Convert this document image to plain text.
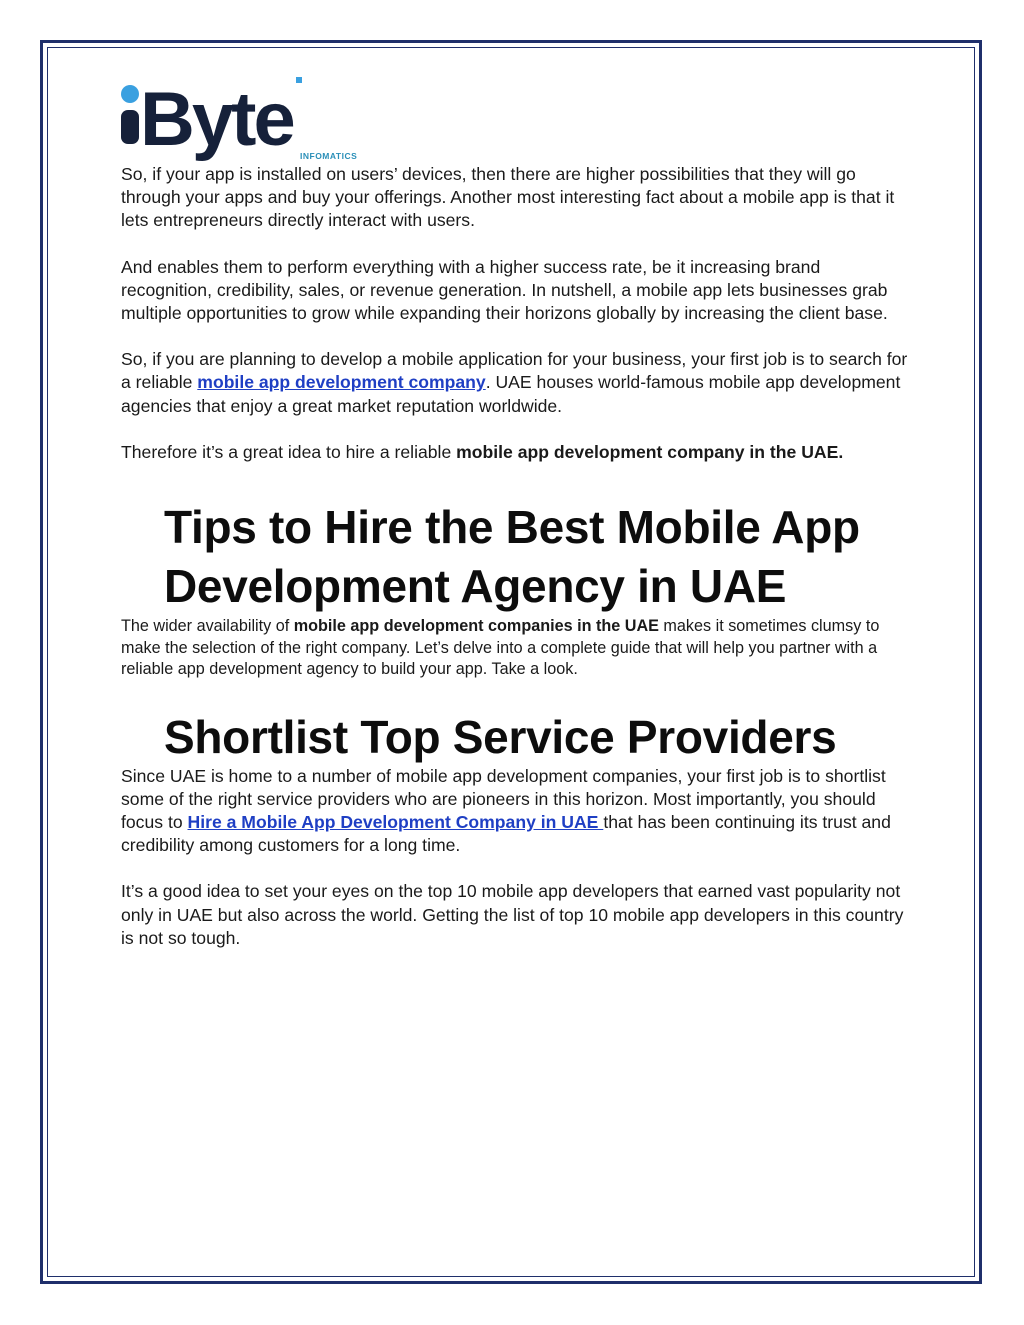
Byte INFOMATICS

So, if your app is installed on users’ devices, then there are higher possibilities that they will go through your apps and buy your offerings. Another most interesting fact about a mobile app is that it lets entrepreneurs directly interact with users.

And enables them to perform everything with a higher success rate, be it increasing brand recognition, credibility, sales, or revenue generation. In nutshell, a mobile app lets businesses grab multiple opportunities to grow while expanding their horizons globally by increasing the client base.

So, if you are planning to develop a mobile application for your business, your first job is to search for a reliable mobile app development company. UAE houses world-famous mobile app development agencies that enjoy a great market reputation worldwide.

Therefore it’s a great idea to hire a reliable mobile app development company in the UAE.

Tips to Hire the Best Mobile App Development Agency in UAE

The wider availability of mobile app development companies in the UAE makes it sometimes clumsy to make the selection of the right company. Let’s delve into a complete guide that will help you partner with a reliable app development agency to build your app. Take a look.

Shortlist Top Service Providers

Since UAE is home to a number of mobile app development companies, your first job is to shortlist some of the right service providers who are pioneers in this horizon. Most importantly, you should focus to Hire a Mobile App Development Company in UAE that has been continuing its trust and credibility among customers for a long time.

It’s a good idea to set your eyes on the top 10 mobile app developers that earned vast popularity not only in UAE but also across the world. Getting the list of top 10 mobile app developers in this country is not so tough.
